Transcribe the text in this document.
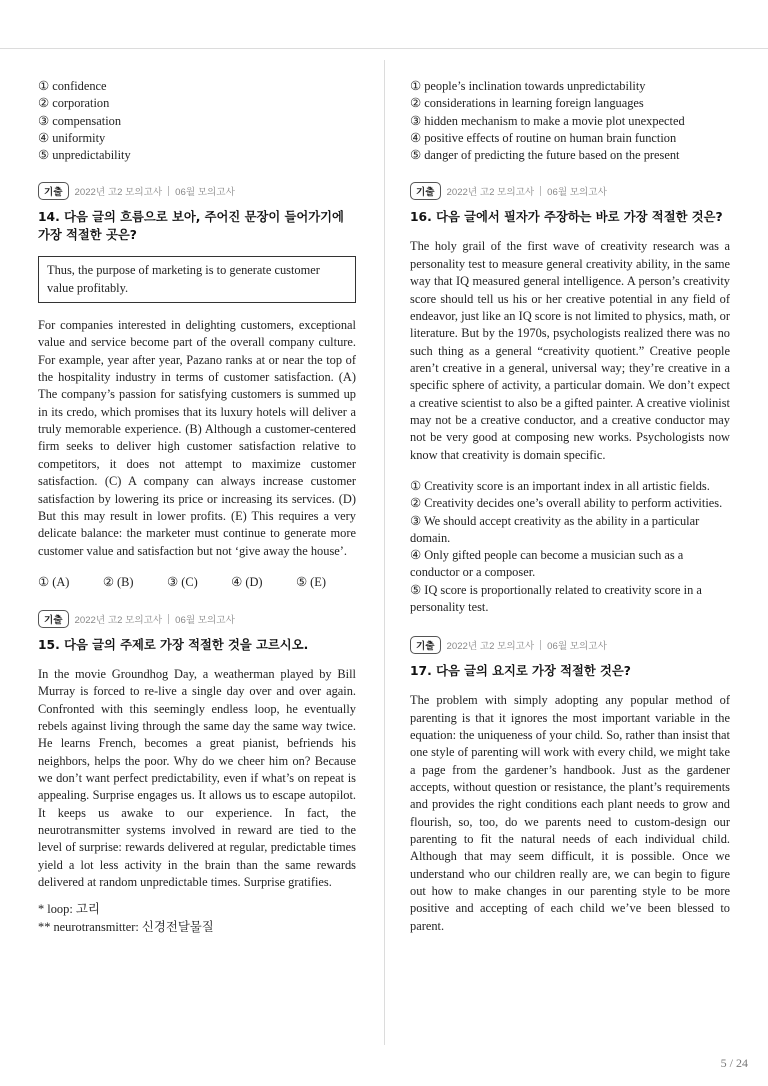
① confidence
② corporation
③ compensation
④ uniformity
⑤ unpredictability
기출	2022년 고2 모의고사 06월 모의고사

14. 다음 글의 흐름으로 보아, 주어진 문장이 들어가기에 가장 적절한 곳은?

Thus, the purpose of marketing is to generate customer value profitably.

For companies interested in delighting customers, exceptional value and service become part of the overall company culture. For example, year after year, Pazano ranks at or near the top of the hospitality industry in terms of customer satisfaction. (A) The company’s passion for satisfying customers is summed up in its credo, which promises that its luxury hotels will deliver a truly memorable experience. (B) Although a customer-centered firm seeks to deliver high customer satisfaction relative to competitors, it does not attempt to maximize customer satisfaction. (C) A company can always increase customer satisfaction by lowering its price or increasing its services. (D) But this may result in lower profits. (E) This requires a very delicate balance: the marketer must continue to generate more customer value and satisfaction but not ‘give away the house’.

① (A)	② (B)	③ (C)	④ (D)	⑤ (E)
기출	2022년 고2 모의고사 06월 모의고사

15. 다음 글의 주제로 가장 적절한 것을 고르시오.

In the movie Groundhog Day, a weatherman played by Bill Murray is forced to re-live a single day over and over again. Confronted with this seemingly endless loop, he eventually rebels against living through the same day the same way twice. He learns French, becomes a great pianist, befriends his neighbors, helps the poor. Why do we cheer him on? Because we don’t want perfect predictability, even if what’s on repeat is appealing. Surprise engages us. It allows us to escape autopilot. It keeps us awake to our experience. In fact, the neurotransmitter systems involved in reward are tied to the level of surprise: rewards delivered at regular, predictable times yield a lot less activity in the brain than the same rewards delivered at random unpredictable times. Surprise gratifies.

* loop: 고리
** neurotransmitter: 신경전달물질
① people’s inclination towards unpredictability
② considerations in learning foreign languages
③ hidden mechanism to make a movie plot unexpected
④ positive effects of routine on human brain function
⑤ danger of predicting the future based on the present
기출	2022년 고2 모의고사 06월 모의고사

16. 다음 글에서 필자가 주장하는 바로 가장 적절한 것은?

The holy grail of the first wave of creativity research was a personality test to measure general creativity ability, in the same way that IQ measured general intelligence. A person’s creativity score should tell us his or her creative potential in any field of endeavor, just like an IQ score is not limited to physics, math, or literature. But by the 1970s, psychologists realized there was no such thing as a general “creativity quotient.” Creative people aren’t creative in a general, universal way; they’re creative in a specific sphere of activity, a particular domain. We don’t expect a creative scientist to also be a gifted painter. A creative violinist may not be a creative conductor, and a creative conductor may not be very good at composing new works. Psychologists now know that creativity is domain specific.

① Creativity score is an important index in all artistic fields.
② Creativity decides one’s overall ability to perform activities.
③ We should accept creativity as the ability in a particular domain.
④ Only gifted people can become a musician such as a conductor or a composer.
⑤ IQ score is proportionally related to creativity score in a personality test.
기출	2022년 고2 모의고사 06월 모의고사

17. 다음 글의 요지로 가장 적절한 것은?

The problem with simply adopting any popular method of parenting is that it ignores the most important variable in the equation: the uniqueness of your child. So, rather than insist that one style of parenting will work with every child, we might take a page from the gardener’s handbook. Just as the gardener accepts, without question or resistance, the plant’s requirements and provides the right conditions each plant needs to grow and flourish, so, too, do we parents need to custom-design our parenting to fit the natural needs of each individual child. Although that may seem difficult, it is possible. Once we understand who our children really are, we can begin to figure out how to make changes in our parenting style to be more positive and accepting of each child we’ve been blessed to parent.

5 / 24
